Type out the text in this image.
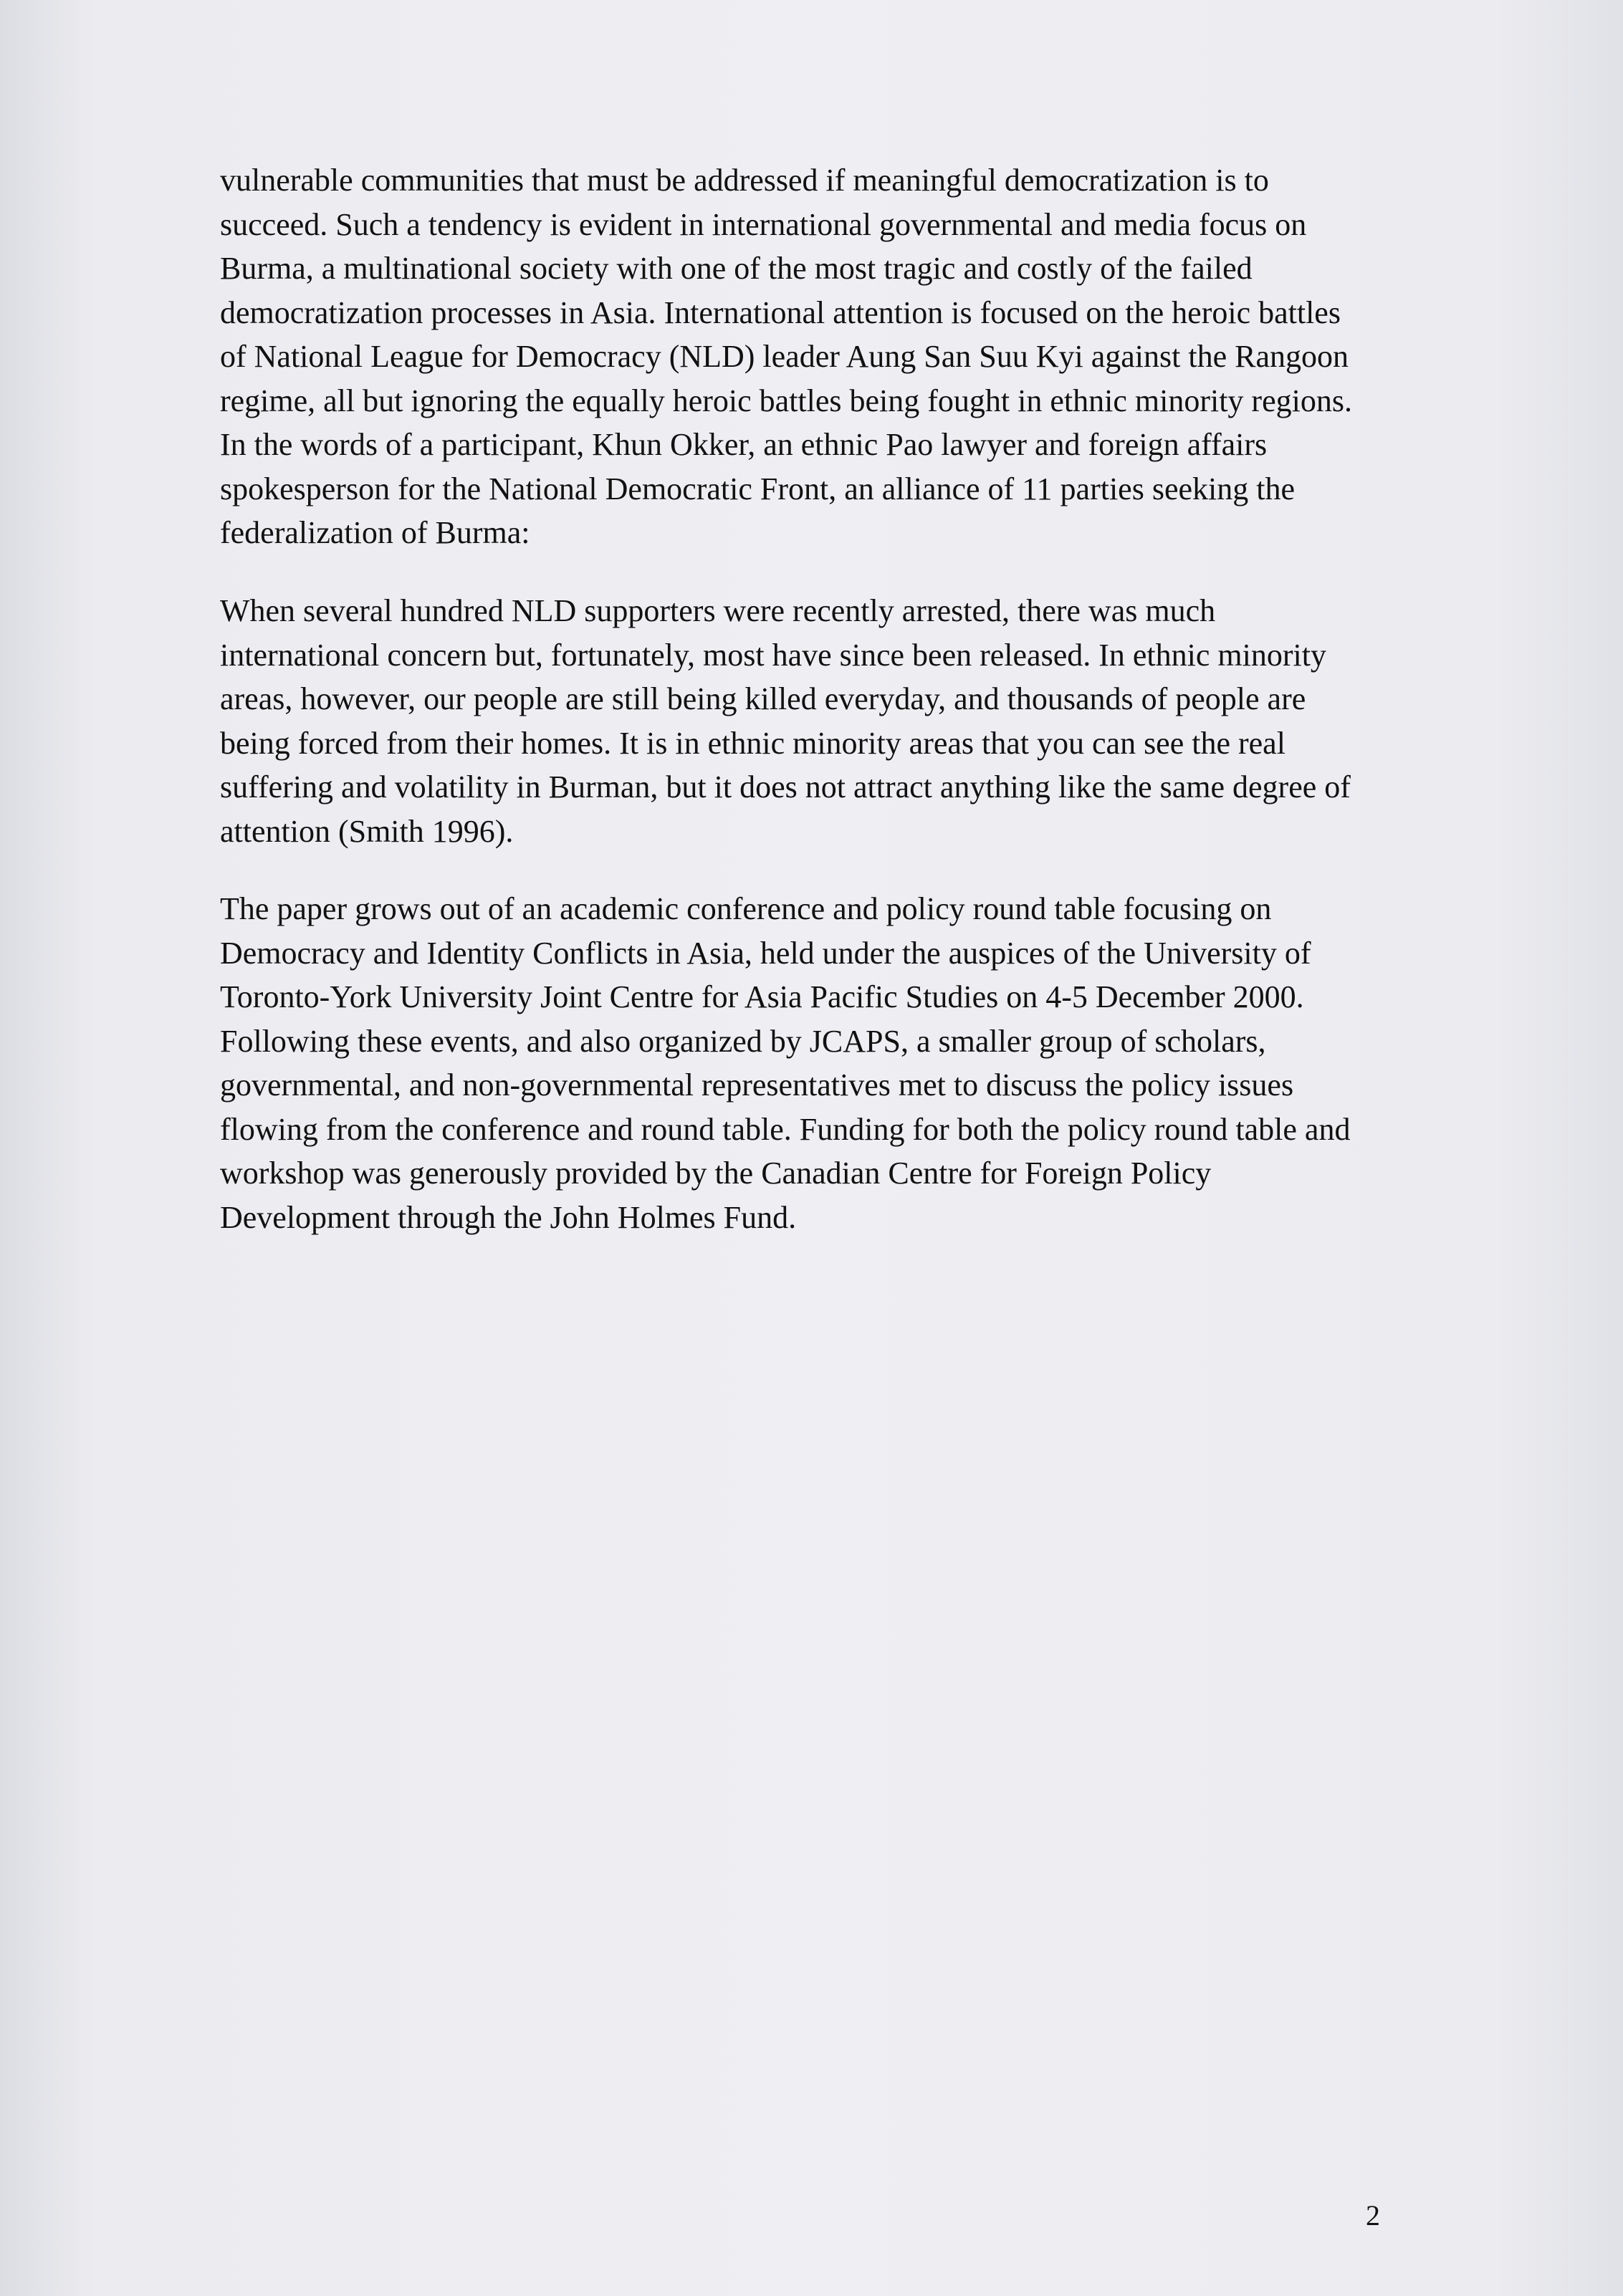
vulnerable communities that must be addressed if meaningful democratization is to
succeed. Such a tendency is evident in international governmental and media focus on
Burma, a multinational society with one of the most tragic and costly of the failed
democratization processes in Asia. International attention is focused on the heroic battles
of National League for Democracy (NLD) leader Aung San Suu Kyi against the Rangoon
regime, all but ignoring the equally heroic battles being fought in ethnic minority regions.
In the words of a participant, Khun Okker, an ethnic Pao lawyer and foreign affairs
spokesperson for the National Democratic Front, an alliance of 11 parties seeking the
federalization of Burma:
When several hundred NLD supporters were recently arrested, there was much
international concern but, fortunately, most have since been released. In ethnic minority
areas, however, our people are still being killed everyday, and thousands of people are
being forced from their homes. It is in ethnic minority areas that you can see the real
suffering and volatility in Burman, but it does not attract anything like the same degree of
attention (Smith 1996).
The paper grows out of an academic conference and policy round table focusing on
Democracy and Identity Conflicts in Asia, held under the auspices of the University of
Toronto-York University Joint Centre for Asia Pacific Studies on 4-5 December 2000.
Following these events, and also organized by JCAPS, a smaller group of scholars,
governmental, and non-governmental representatives met to discuss the policy issues
flowing from the conference and round table. Funding for both the policy round table and
workshop was generously provided by the Canadian Centre for Foreign Policy
Development through the John Holmes Fund.
2
